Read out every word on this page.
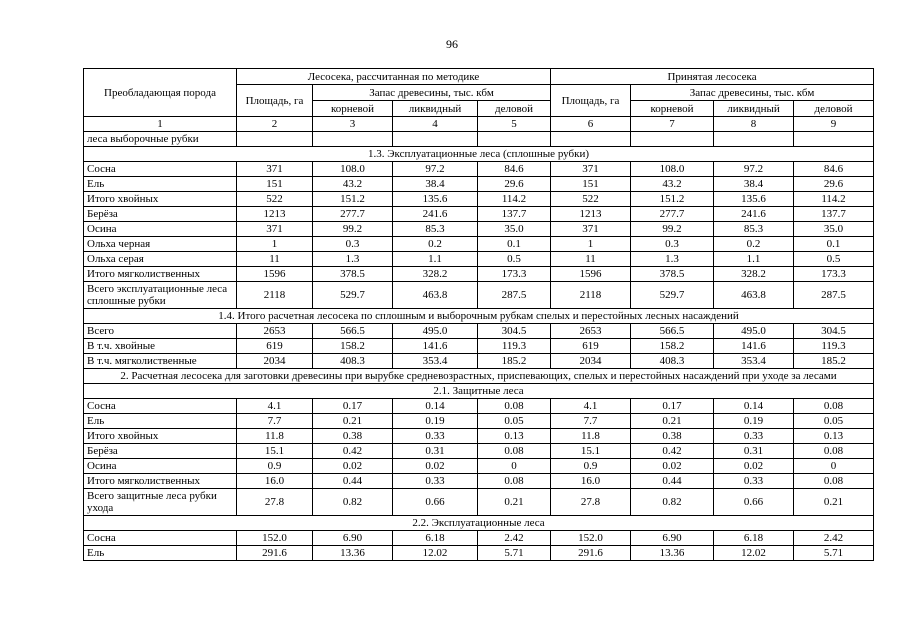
96
Преобладающая порода	Лесосека, рассчитанная по методике				Принятая лесосека			
	Площадь, га	Запас древесины, тыс. кбм			Площадь, га	Запас древесины, тыс. кбм		
		корневой	ликвидный	деловой		корневой	ликвидный	деловой
1	2	3	4	5	6	7	8	9
леса выборочные рубки								
1.3. Эксплуатационные леса (сплошные рубки)								
Сосна	371	108.0	97.2	84.6	371	108.0	97.2	84.6
Ель	151	43.2	38.4	29.6	151	43.2	38.4	29.6
Итого хвойных	522	151.2	135.6	114.2	522	151.2	135.6	114.2
Берёза	1213	277.7	241.6	137.7	1213	277.7	241.6	137.7
Осина	371	99.2	85.3	35.0	371	99.2	85.3	35.0
Ольха черная	1	0.3	0.2	0.1	1	0.3	0.2	0.1
Ольха серая	11	1.3	1.1	0.5	11	1.3	1.1	0.5
Итого мягколиственных	1596	378.5	328.2	173.3	1596	378.5	328.2	173.3
Всего эксплуатационные леса сплошные рубки	2118	529.7	463.8	287.5	2118	529.7	463.8	287.5
1.4. Итого расчетная лесосека по сплошным и выборочным рубкам спелых и перестойных лесных насаждений								
Всего	2653	566.5	495.0	304.5	2653	566.5	495.0	304.5
В т.ч. хвойные	619	158.2	141.6	119.3	619	158.2	141.6	119.3
В т.ч. мягколиственные	2034	408.3	353.4	185.2	2034	408.3	353.4	185.2
2. Расчетная лесосека для заготовки древесины при вырубке средневозрастных, приспевающих, спелых и перестойных насаждений при уходе за лесами								
2.1. Защитные леса								
Сосна	4.1	0.17	0.14	0.08	4.1	0.17	0.14	0.08
Ель	7.7	0.21	0.19	0.05	7.7	0.21	0.19	0.05
Итого хвойных	11.8	0.38	0.33	0.13	11.8	0.38	0.33	0.13
Берёза	15.1	0.42	0.31	0.08	15.1	0.42	0.31	0.08
Осина	0.9	0.02	0.02	0	0.9	0.02	0.02	0
Итого мягколиственных	16.0	0.44	0.33	0.08	16.0	0.44	0.33	0.08
Всего защитные леса рубки ухода	27.8	0.82	0.66	0.21	27.8	0.82	0.66	0.21
2.2. Эксплуатационные леса								
Сосна	152.0	6.90	6.18	2.42	152.0	6.90	6.18	2.42
Ель	291.6	13.36	12.02	5.71	291.6	13.36	12.02	5.71
